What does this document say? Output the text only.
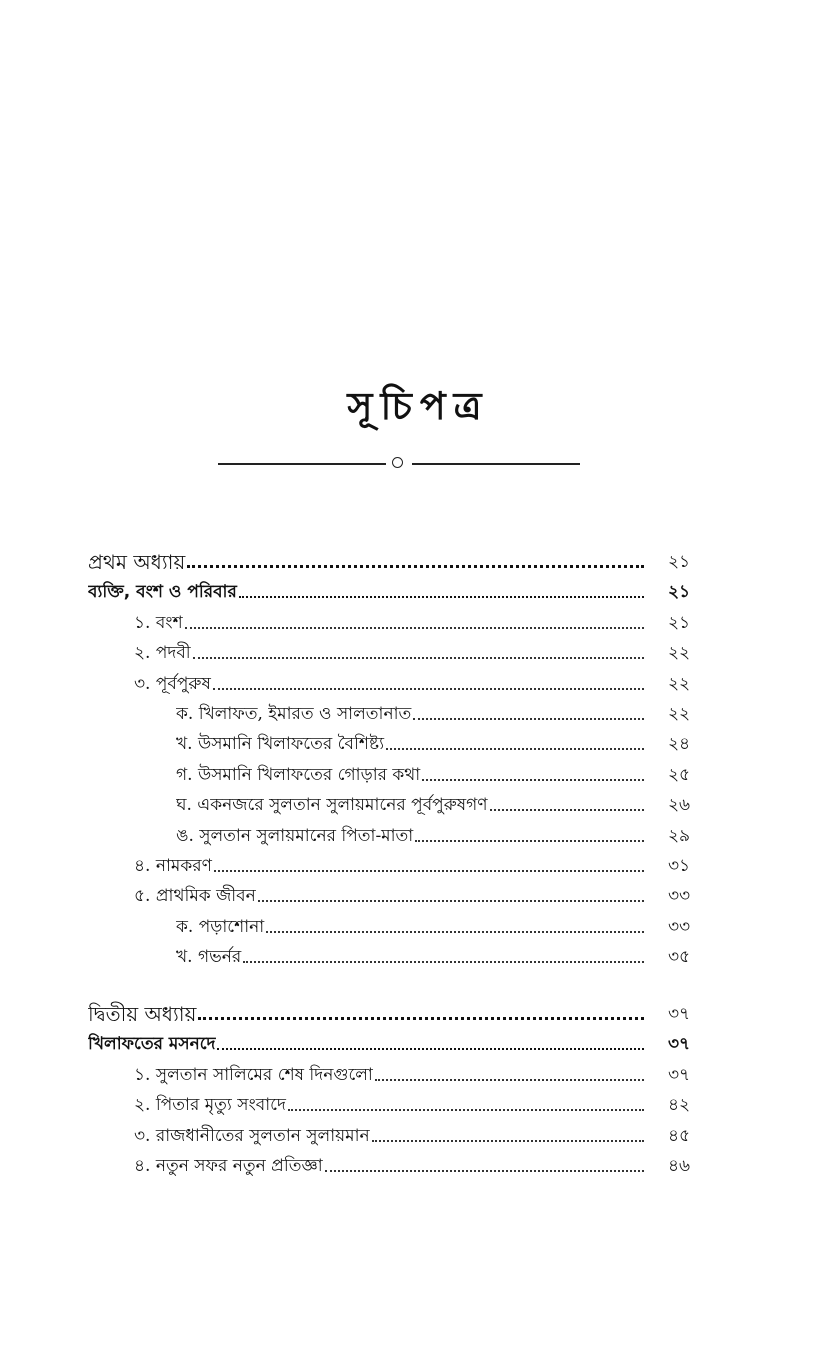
সূচিপত্র
প্রথম অধ্যায়	২১
ব্যক্তি, বংশ ও পরিবার	২১
১. বংশ	২১
২. পদবী	২২
৩. পূর্বপুরুষ	২২
ক. খিলাফত, ইমারত ও সালতানাত	২২
খ. উসমানি খিলাফতের বৈশিষ্ট্য	২৪
গ. উসমানি খিলাফতের গোড়ার কথা	২৫
ঘ. একনজরে সুলতান সুলায়মানের পূর্বপুরুষগণ	২৬
ঙ. সুলতান সুলায়মানের পিতা-মাতা	২৯
৪. নামকরণ	৩১
৫. প্রাথমিক জীবন	৩৩
ক. পড়াশোনা	৩৩
খ. গভর্নর	৩৫
দ্বিতীয় অধ্যায়	৩৭
খিলাফতের মসনদে	৩৭
১. সুলতান সালিমের শেষ দিনগুলো	৩৭
২. পিতার মৃত্যু সংবাদে	৪২
৩. রাজধানীতের সুলতান সুলায়মান	৪৫
৪. নতুন সফর নতুন প্রতিজ্ঞা	৪৬
